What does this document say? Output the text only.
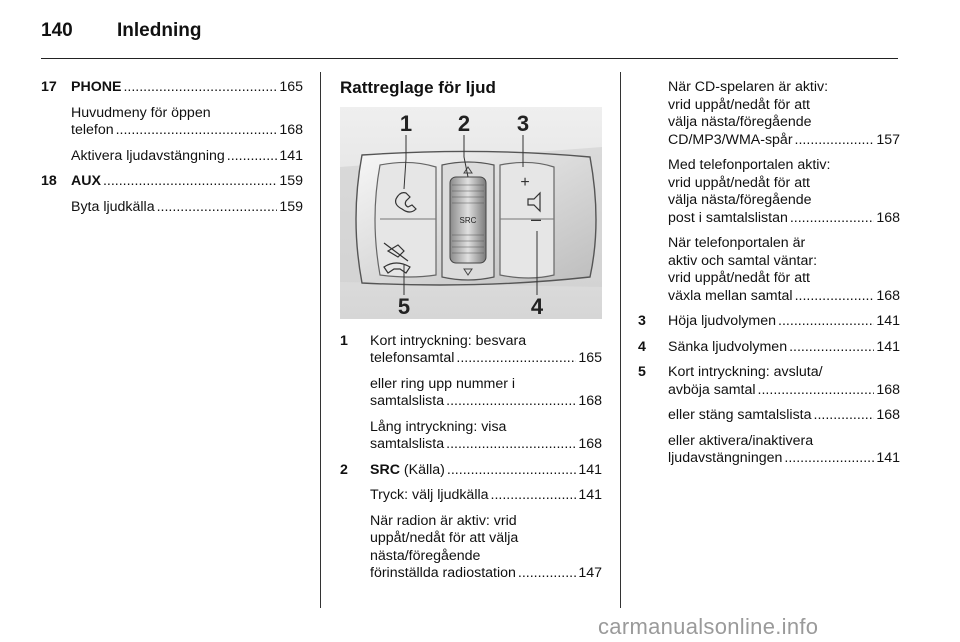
140 Inledning
17 PHONE .....	165
Huvudmeny för öppen
telefon .....	168
Aktivera ljudavstängning .....	141
18 AUX .....	159
Byta ljudkälla .....	159
Rattreglage för ljud
SRC
+
–
1 2 3
4
5
1 Kort intryckning: besvara
telefonsamtal .....	165
eller ring upp nummer i
samtalslista .....	168
Lång intryckning: visa
samtalslista .....	168
2 SRC (Källa) .....	141
Tryck: välj ljudkälla .....	141
När radion är aktiv: vrid
uppåt/nedåt för att välja
nästa/föregående
förinställda radiostation .....	147
När CD-spelaren är aktiv:
vrid uppåt/nedåt för att
välja nästa/föregående
CD/MP3/WMA-spår .....	157
Med telefonportalen aktiv:
vrid uppåt/nedåt för att
välja nästa/föregående
post i samtalslistan .....	168
När telefonportalen är
aktiv och samtal väntar:
vrid uppåt/nedåt för att
växla mellan samtal .....	168
3 Höja ljudvolymen .....	141
4 Sänka ljudvolymen .....	141
5 Kort intryckning: avsluta/
avböja samtal .....	168
eller stäng samtalslista .....	168
eller aktivera/inaktivera
ljudavstängningen .....	141
carmanualsonline.info
